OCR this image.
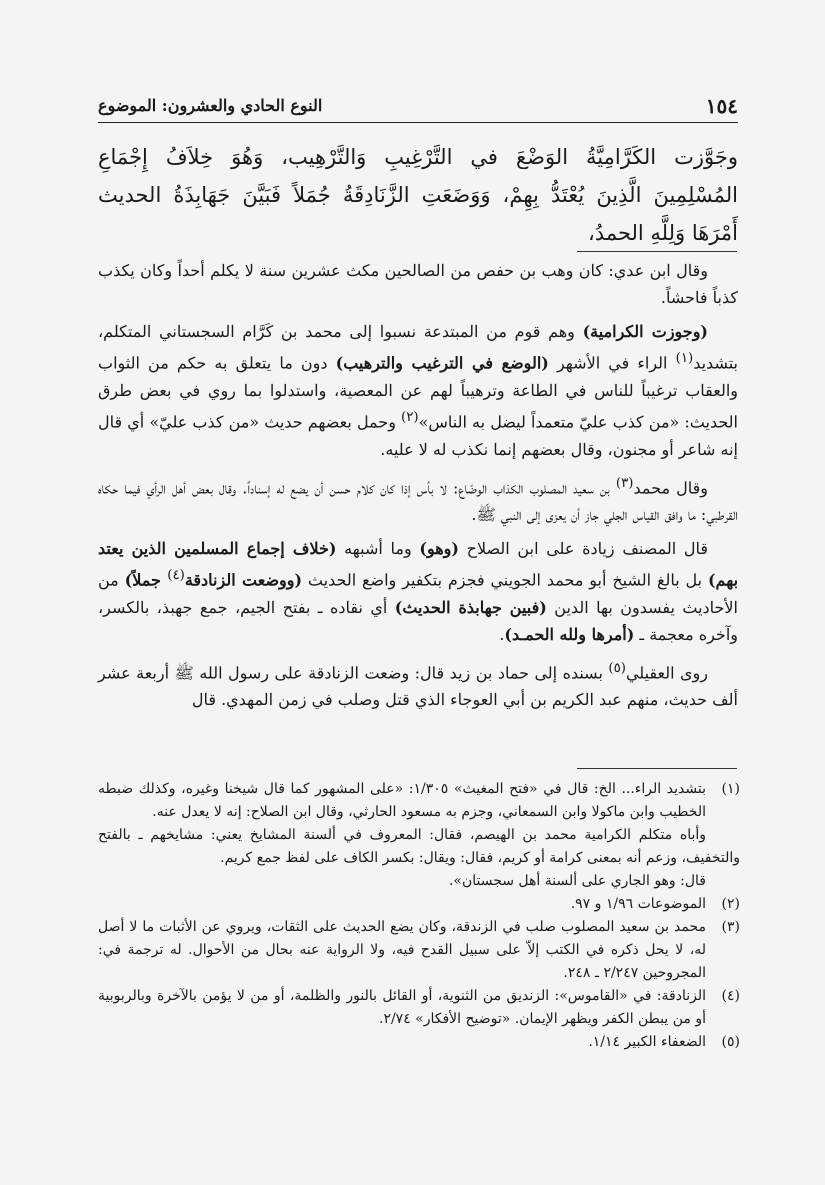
١٥٤
النوع الحادي والعشرون: الموضوع
وجَوَّزت الكَرَّامِيَّةُ الوَضْعَ في التَّرْغِيبِ وَالتَّرْهِيب، وَهُوَ خِلاَفُ إِجْمَاعِ المُسْلِمِينَ الَّذِينَ يُعْتَدُّ بِهِمْ، وَوَضَعَتِ الزَّنَادِقَةُ جُمَلاً فَبَيَّنَ جَهَابِذَةُ الحديث أَمْرَهَا وَلِلَّهِ الحمدُ،

وقال ابن عدي: كان وهب بن حفص من الصالحين مكث عشرين سنة لا يكلم أحداً وكان يكذب كذباً فاحشاً.

(وجوزت الكرامية) وهم قوم من المبتدعة نسبوا إلى محمد بن كَرَّام السجستاني المتكلم، بتشديد$^{(١)}$ الراء في الأشهر (الوضع في الترغيب والترهيب) دون ما يتعلق به حكم من الثواب والعقاب ترغيباً للناس في الطاعة وترهيباً لهم عن المعصية، واستدلوا بما روي في بعض طرق الحديث: «من كذب عليّ متعمداً ليضل به الناس»$^{(٢)}$ وحمل بعضهم حديث «من كذب عليّ» أي قال إنه شاعر أو مجنون، وقال بعضهم إنما نكذب له لا عليه.

وقال محمد$^{(٣)}$ بن سعيد المصلوب الكذاب الوضّاع: لا بأس إذا كان كلام حسن أن يضع له إسناداً. وقال بعض أهل الرأي فيما حكاه القرطبي: ما وافق القياس الجلي جاز أن يعزى إلى النبي ﷺ.

قال المصنف زيادة على ابن الصلاح (وهو) وما أشبهه (خلاف إجماع المسلمين الذين يعتد بهم) بل بالغ الشيخ أبو محمد الجويني فجزم بتكفير واضع الحديث (ووضعت الزنادقة$^{(٤)}$ جملاً) من الأحاديث يفسدون بها الدين (فبين جهابذة الحديث) أي نقاده ـ بفتح الجيم، جمع جهبذ، بالكسر، وآخره معجمة ـ (أمرها ولله الحمـد).

روى العقيلي$^{(٥)}$ بسنده إلى حماد بن زيد قال: وضعت الزنادقة على رسول الله ﷺ أربعة عشر ألف حديث، منهم عبد الكريم بن أبي العوجاء الذي قتل وصلب في زمن المهدي. قال

(١)
بتشديد الراء... الخ: قال في «فتح المغيث» ١/٣٠٥: «على المشهور كما قال شيخنا وغيره، وكذلك ضبطه الخطيب وابن ماكولا وابن السمعاني، وجزم به مسعود الحارثي، وقال ابن الصلاح: إنه لا يعدل عنه.

وأباه متكلم الكرامية محمد بن الهيصم، فقال: المعروف في ألسنة المشايخ يعني: مشايخهم ـ بالفتح والتخفيف، وزعم أنه بمعنى كرامة أو كريم، فقال: ويقال: بكسر الكاف على لفظ جمع كريم.

قال: وهو الجاري على ألسنة أهل سجستان».

(٢)
الموضوعات ١/٩٦ و ٩٧.
(٣)
محمد بن سعيد المصلوب صلب في الزندقة، وكان يضع الحديث على الثقات، ويروي عن الأثبات ما لا أصل له، لا يحل ذكره في الكتب إلاّ على سبيل القدح فيه، ولا الرواية عنه بحال من الأحوال. له ترجمة في: المجروحين ٢/٢٤٧ ـ ٢٤٨.
(٤)
الزنادقة: في «القاموس»: الزنديق من الثنوية، أو القائل بالنور والظلمة، أو من لا يؤمن بالآخرة وبالربوبية أو من يبطن الكفر ويظهر الإيمان. «توضيح الأفكار» ٢/٧٤.
(٥)
الضعفاء الكبير ١/١٤.
